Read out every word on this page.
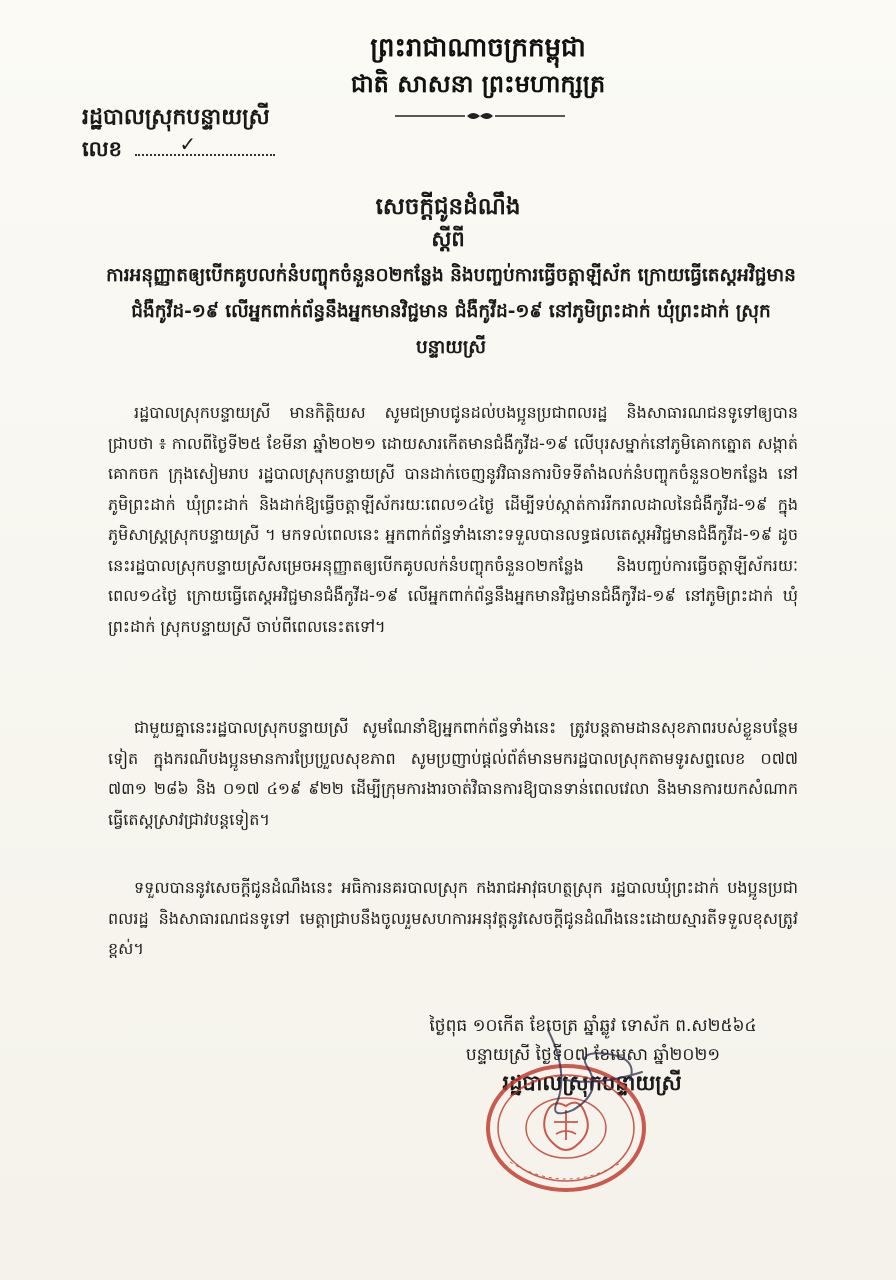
ព្រះរាជាណាចក្រកម្ពុជា
ជាតិ សាសនា ព្រះមហាក្សត្រ
រដ្ឋបាលស្រុកបន្ទាយស្រី
លេខ	✓
សេចក្តីជូនដំណឹង
ស្តីពី
ការអនុញ្ញាតឲ្យបើកគូបលក់នំបញ្ចុកចំនួន០២កន្លែង និងបញ្ចប់ការធ្វើចត្តាឡីស័ក ក្រោយធ្វើតេស្តអវិជ្ជមានជំងឺកូវីដ-១៩ លើអ្នកពាក់ព័ន្ធនឹងអ្នកមានវិជ្ជមាន ជំងឺកូវីដ-១៩ នៅភូមិព្រះដាក់ ឃុំព្រះដាក់ ស្រុកបន្ទាយស្រី
រដ្ឋបាលស្រុកបន្ទាយស្រី មានកិត្តិយស សូមជម្រាបជូនដល់បងប្អូនប្រជាពលរដ្ឋ និងសាធារណជនទូទៅឲ្យបានជ្រាបថា ៖ កាលពីថ្ងៃទី២៥ ខែមីនា ឆ្នាំ២០២១ ដោយសារកើតមានជំងឺកូវីដ-១៩ លើបុរសម្នាក់នៅភូមិគោកត្នោត សង្កាត់គោកចក ក្រុងសៀមរាប រដ្ឋបាលស្រុកបន្ទាយស្រី បានដាក់ចេញនូវវិធានការបិទទីតាំងលក់នំបញ្ចុកចំនួន០២កន្លែង នៅភូមិព្រះដាក់ ឃុំព្រះដាក់ និងដាក់ឱ្យធ្វើចត្តាឡីស័ករយៈពេល១៤ថ្ងៃ ដើម្បីទប់ស្កាត់ការរីករាលដាលនៃជំងឺកូវីដ-១៩ ក្នុងភូមិសាស្ត្រស្រុកបន្ទាយស្រី ។ មកទល់ពេលនេះ អ្នកពាក់ព័ន្ធទាំងនោះទទួលបានលទ្ធផលតេស្តអវិជ្ជមានជំងឺកូវីដ-១៩ ដូចនេះរដ្ឋបាលស្រុកបន្ទាយស្រីសម្រេចអនុញ្ញាតឲ្យបើកគូបលក់នំបញ្ចុកចំនួន០២កន្លែង និងបញ្ចប់ការធ្វើចត្តាឡីស័ករយៈពេល១៤ថ្ងៃ ក្រោយធ្វើតេស្តអវិជ្ជមានជំងឺកូវីដ-១៩ លើអ្នកពាក់ព័ន្ធនឹងអ្នកមានវិជ្ជមានជំងឺកូវីដ-១៩ នៅភូមិព្រះដាក់ ឃុំព្រះដាក់ ស្រុកបន្ទាយស្រី ចាប់ពីពេលនេះតទៅ។
ជាមួយគ្នានេះរដ្ឋបាលស្រុកបន្ទាយស្រី សូមណែនាំឱ្យអ្នកពាក់ព័ន្ធទាំងនេះ ត្រូវបន្តតាមដានសុខភាពរបស់ខ្លួនបន្ថែមទៀត ក្នុងករណីបងប្អូនមានការប្រែប្រួលសុខភាព សូមប្រញាប់ផ្តល់ព័ត៌មានមករដ្ឋបាលស្រុកតាមទូរសព្ទលេខ ០៧៧ ៧៣១ ២៨៦ និង ០១៧ ៤១៩ ៩២២ ដើម្បីក្រុមការងារចាត់វិធានការឱ្យបានទាន់ពេលវេលា និងមានការយកសំណាកធ្វើតេស្តស្រាវជ្រាវបន្តទៀត។
ទទួលបាននូវសេចក្តីជូនដំណឹងនេះ អធិការនគរបាលស្រុក កងរាជអាវុធហត្ថស្រុក រដ្ឋបាលឃុំព្រះដាក់ បងប្អូនប្រជាពលរដ្ឋ និងសាធារណជនទូទៅ មេត្តាជ្រាបនឹងចូលរួមសហការអនុវត្តនូវសេចក្តីជូនដំណឹងនេះដោយស្មារតីទទួលខុសត្រូវខ្ពស់។
ថ្ងៃពុធ ១០កើត ខែចេត្រ ឆ្នាំឆ្លូវ ទោស័ក ព.ស២៥៦៤
បន្ទាយស្រី ថ្ងៃទី០៧ ខែមេសា ឆ្នាំ២០២១
រដ្ឋបាលស្រុកបន្ទាយស្រី
